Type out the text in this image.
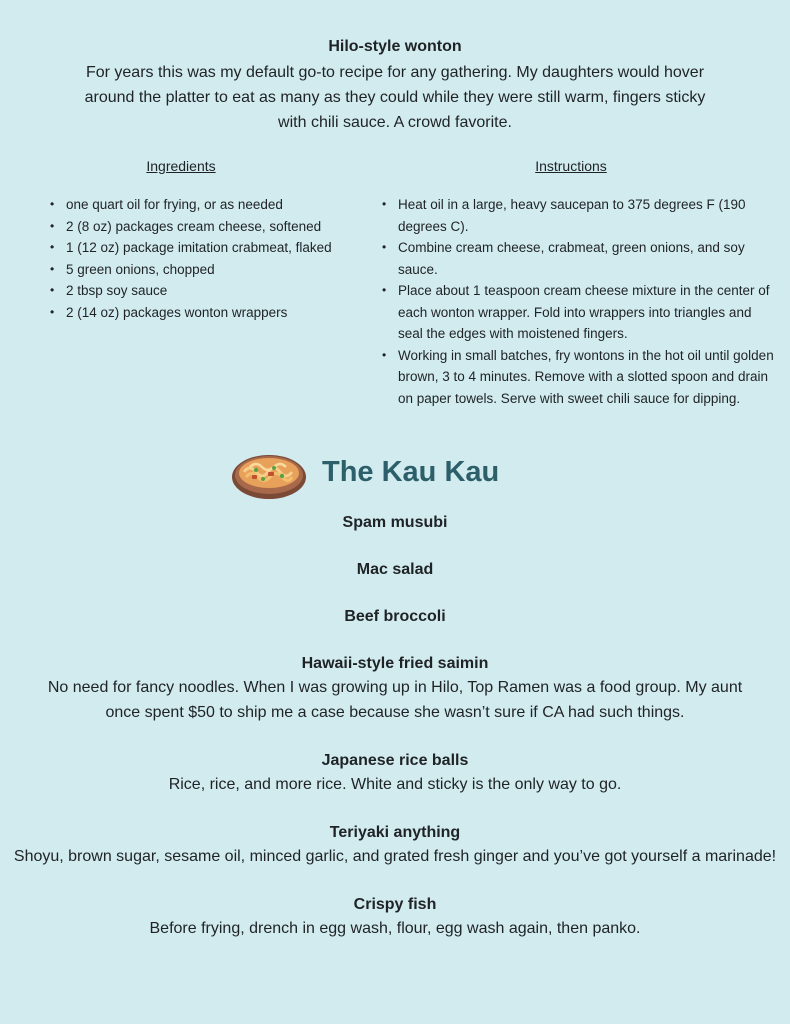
Hilo-style wonton

For years this was my default go-to recipe for any gathering. My daughters would hover around the platter to eat as many as they could while they were still warm, fingers sticky with chili sauce. A crowd favorite.

Ingredients

• one quart oil for frying, or as needed
• 2 (8 oz) packages cream cheese, softened
• 1 (12 oz) package imitation crabmeat, flaked
• 5 green onions, chopped
• 2 tbsp soy sauce
• 2 (14 oz) packages wonton wrappers

Instructions

• Heat oil in a large, heavy saucepan to 375 degrees F (190 degrees C).
• Combine cream cheese, crabmeat, green onions, and soy sauce.
• Place about 1 teaspoon cream cheese mixture in the center of each wonton wrapper. Fold into wrappers into triangles and seal the edges with moistened fingers.
• Working in small batches, fry wontons in the hot oil until golden brown, 3 to 4 minutes. Remove with a slotted spoon and drain on paper towels. Serve with sweet chili sauce for dipping.
The Kau Kau

Spam musubi

Mac salad

Beef broccoli

Hawaii-style fried saimin

No need for fancy noodles. When I was growing up in Hilo, Top Ramen was a food group. My aunt once spent $50 to ship me a case because she wasn’t sure if CA had such things.

Japanese rice balls

Rice, rice, and more rice. White and sticky is the only way to go.

Teriyaki anything

Shoyu, brown sugar, sesame oil, minced garlic, and grated fresh ginger and you’ve got yourself a marinade!

Crispy fish

Before frying, drench in egg wash, flour, egg wash again, then panko.
